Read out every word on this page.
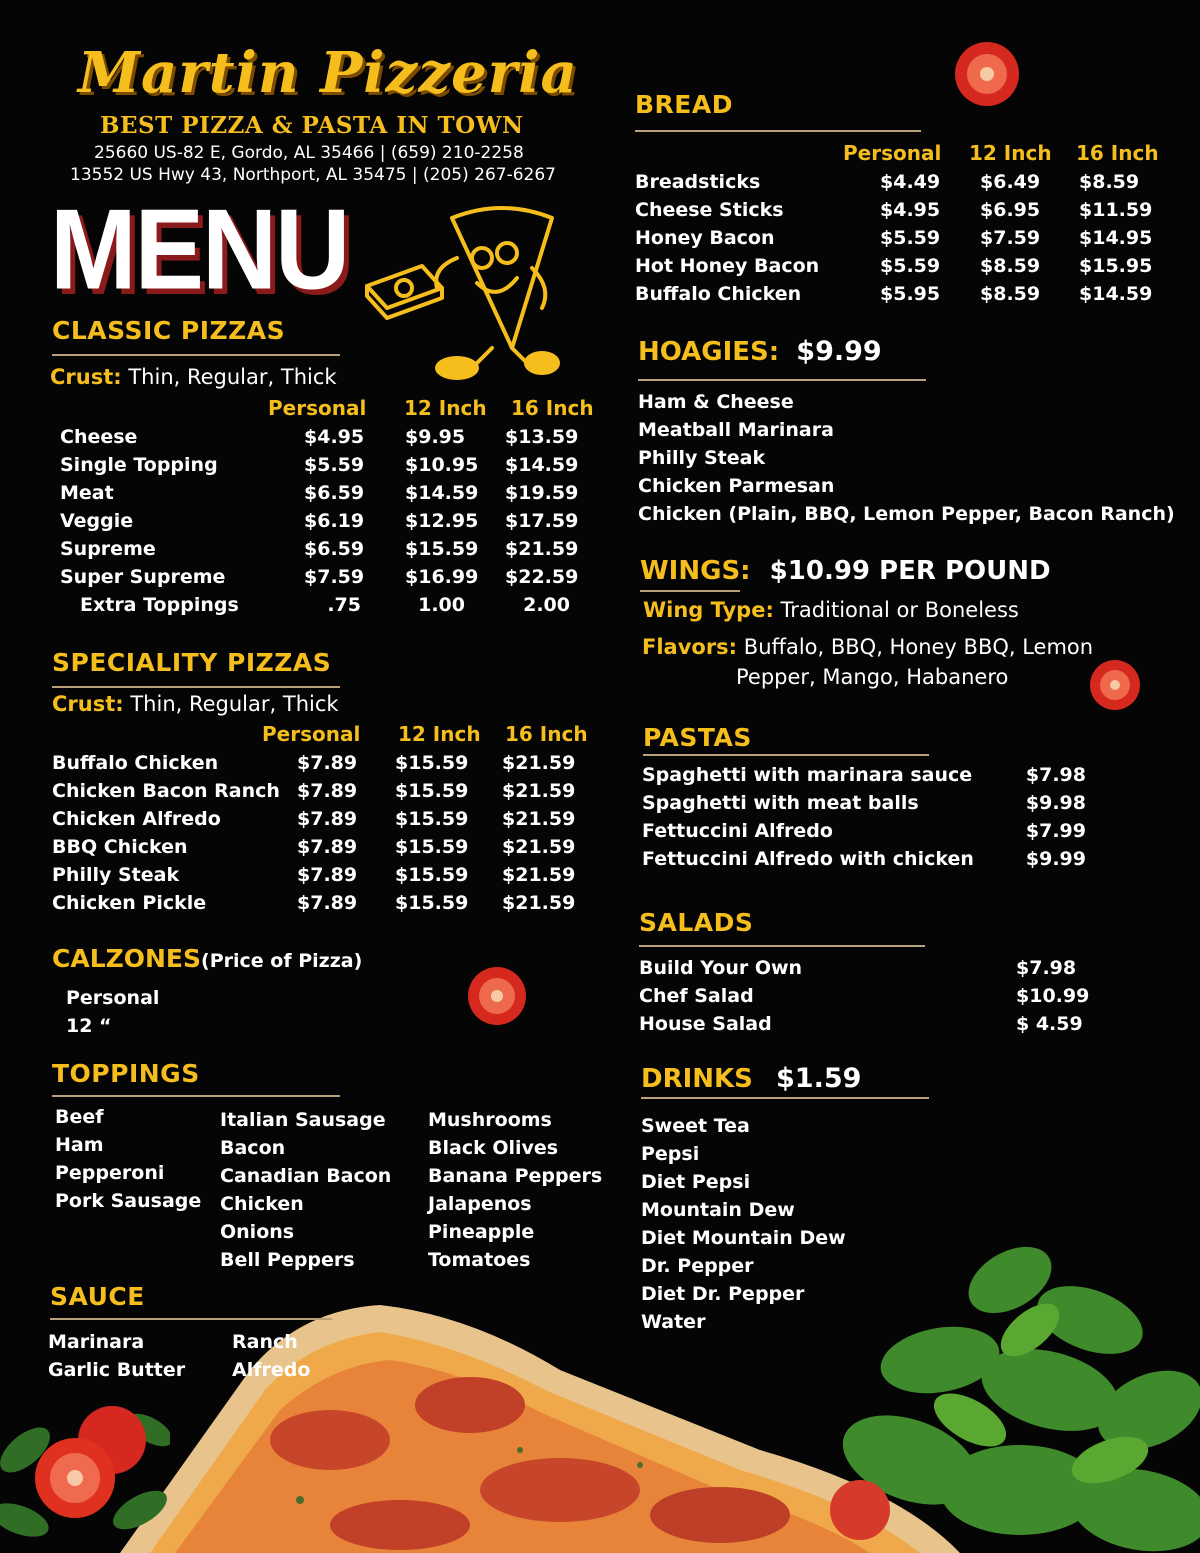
Martin Pizzeria
BEST PIZZA & PASTA IN TOWN
25660 US-82 E, Gordo, AL 35466 | (659) 210-2258
13552 US Hwy 43, Northport, AL 35475 | (205) 267-6267
MENU
CLASSIC PIZZAS
Crust: Thin, Regular, Thick
Personal 12 Inch 16 Inch
Cheese	$4.95 $9.95 $13.59
Single Topping	$5.59 $10.95 $14.59
Meat	$6.59 $14.59 $19.59
Veggie	$6.19 $12.95 $17.59
Supreme	$6.59 $15.59 $21.59
Super Supreme	$7.59 $16.99 $22.59
Extra Toppings	.75	1.00	2.00
SPECIALITY PIZZAS
Crust: Thin, Regular, Thick
Personal 12 Inch 16 Inch
Buffalo Chicken	$7.89 $15.59 $21.59
Chicken Bacon Ranch $7.89 $15.59 $21.59
Chicken Alfredo	$7.89 $15.59 $21.59
BBQ Chicken	$7.89 $15.59 $21.59
Philly Steak	$7.89 $15.59 $21.59
Chicken Pickle	$7.89 $15.59 $21.59
CALZONES(Price of Pizza)
Personal
12 “
TOPPINGS
Beef
Ham
Pepperoni
Pork Sausage
Italian Sausage
Bacon
Canadian Bacon
Chicken
Onions
Bell Peppers
Mushrooms
Black Olives
Banana Peppers
Jalapenos
Pineapple
Tomatoes
SAUCE
Marinara
Garlic Butter
Ranch
Alfredo
BREAD
Personal 12 Inch 16 Inch
Breadsticks	$4.49 $6.49 $8.59
Cheese Sticks	$4.95 $6.95 $11.59
Honey Bacon	$5.59 $7.59 $14.95
Hot Honey Bacon	$5.59 $8.59 $15.95
Buffalo Chicken	$5.95 $8.59 $14.59
HOAGIES: $9.99
Ham & Cheese
Meatball Marinara
Philly Steak
Chicken Parmesan
Chicken (Plain, BBQ, Lemon Pepper, Bacon Ranch)
WINGS: $10.99 PER POUND
Wing Type: Traditional or Boneless
Flavors: Buffalo, BBQ, Honey BBQ, Lemon
Pepper, Mango, Habanero
PASTAS
Spaghetti with marinara sauce	$7.98
Spaghetti with meat balls	$9.98
Fettuccini Alfredo	$7.99
Fettuccini Alfredo with chicken	$9.99
SALADS
Build Your Own	$7.98
Chef Salad	$10.99
House Salad	$ 4.59
DRINKS $1.59
Sweet Tea
Pepsi
Diet Pepsi
Mountain Dew
Diet Mountain Dew
Dr. Pepper
Diet Dr. Pepper
Water
